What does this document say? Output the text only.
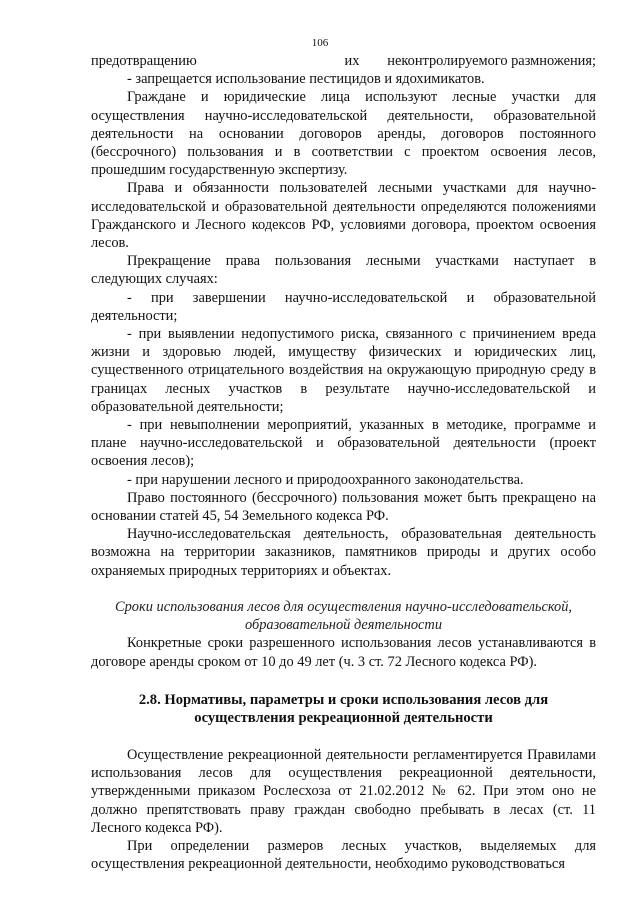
106
предотвращению	их неконтролируемого размножения;

- запрещается использование пестицидов и ядохимикатов.

Граждане и юридические лица используют лесные участки для осуществления научно-исследовательской деятельности, образовательной деятельности на основании договоров аренды, договоров постоянного (бессрочного) пользования и в соответствии с проектом освоения лесов, прошедшим государственную экспертизу.

Права и обязанности пользователей лесными участками для научно-исследовательской и образовательной деятельности определяются положениями Гражданского и Лесного кодексов РФ, условиями договора, проектом освоения лесов.

Прекращение права пользования лесными участками наступает в следующих случаях:

- при завершении научно-исследовательской и образовательной деятельности;

- при выявлении недопустимого риска, связанного с причинением вреда жизни и здоровью людей, имуществу физических и юридических лиц, существенного отрицательного воздействия на окружающую природную среду в границах лесных участков в результате научно-исследовательской и образовательной деятельности;

- при невыполнении мероприятий, указанных в методике, программе и плане научно-исследовательской и образовательной деятельности (проект освоения лесов);

- при нарушении лесного и природоохранного законодательства.

Право постоянного (бессрочного) пользования может быть прекращено на основании статей 45, 54 Земельного кодекса РФ.

Научно-исследовательская деятельность, образовательная деятельность возможна на территории заказников, памятников природы и других особо охраняемых природных территориях и объектах.

Сроки использования лесов для осуществления научно-исследовательской, образовательной деятельности

Конкретные сроки разрешенного использования лесов устанавливаются в договоре аренды сроком от 10 до 49 лет (ч. 3 ст. 72 Лесного кодекса РФ).

2.8. Нормативы, параметры и сроки использования лесов для осуществления рекреационной деятельности

Осуществление рекреационной деятельности регламентируется Правилами использования лесов для осуществления рекреационной деятельности, утвержденными приказом Рослесхоза от 21.02.2012 № 62. При этом оно не должно препятствовать праву граждан свободно пребывать в лесах (ст. 11 Лесного кодекса РФ).

При определении размеров лесных участков, выделяемых для осуществления рекреационной деятельности, необходимо руководствоваться
